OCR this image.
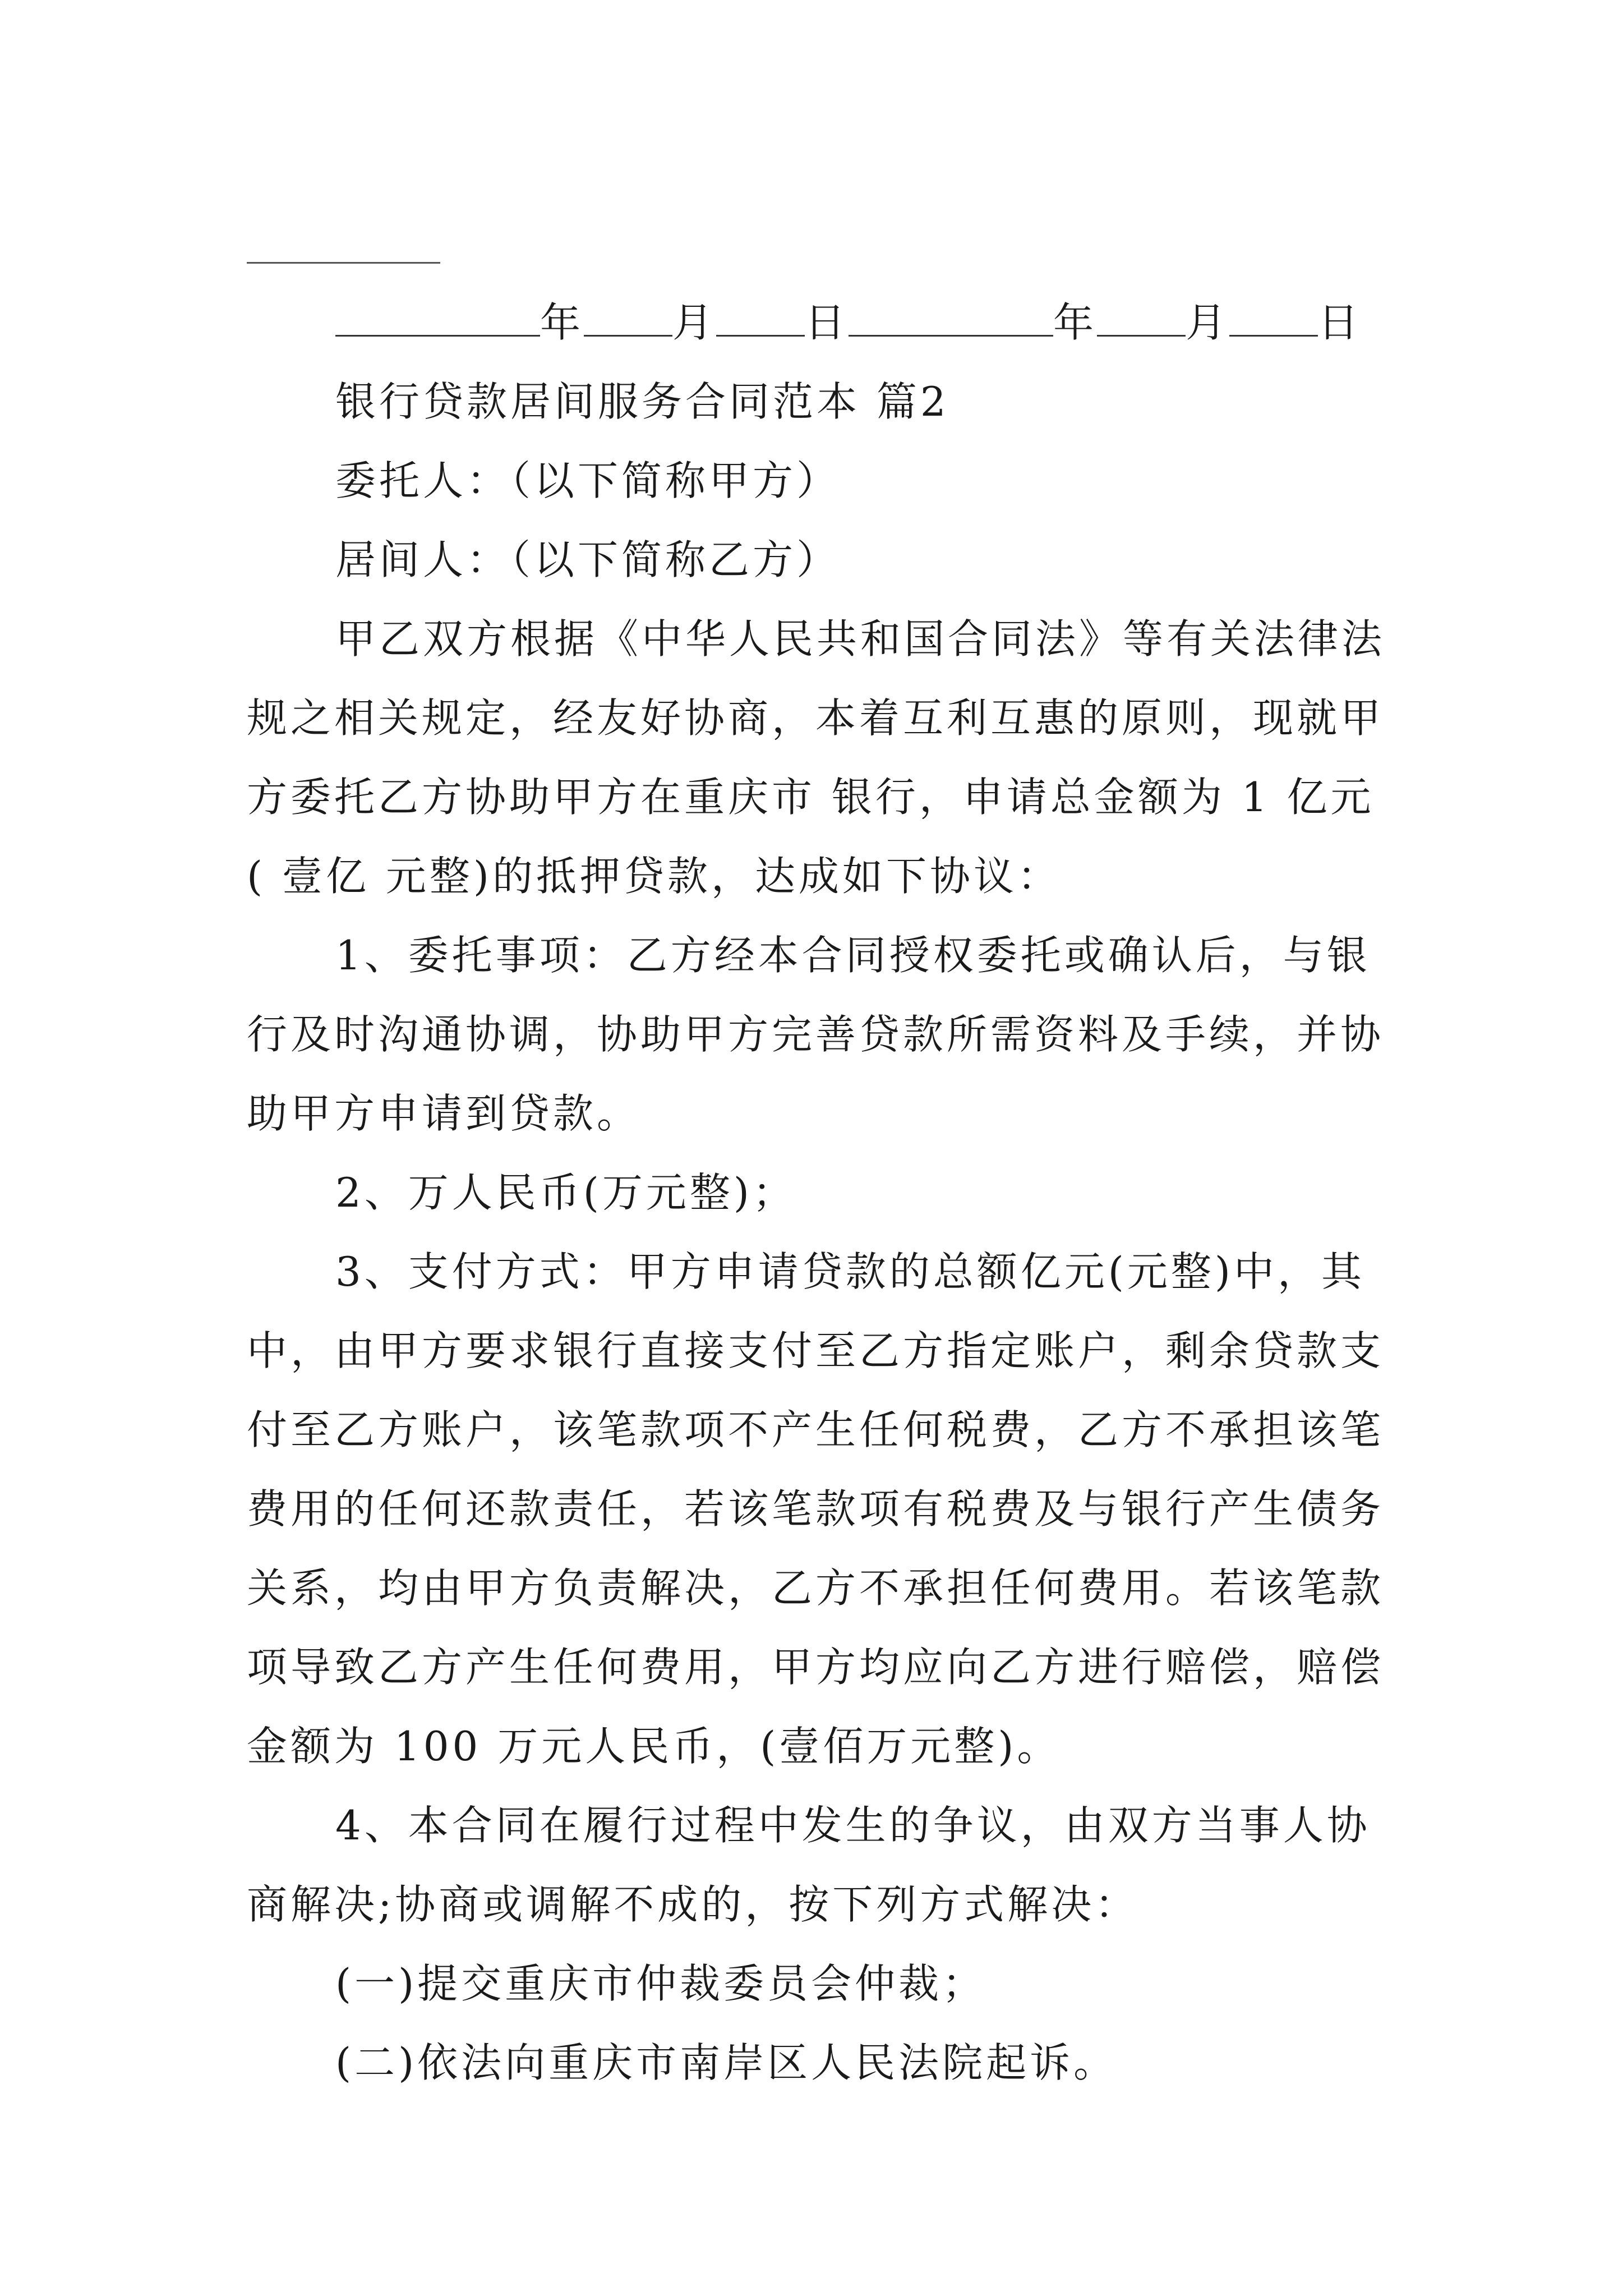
年 月 日	年 月 日
银行贷款居间服务合同范本 篇2
委托人：（以下简称甲方）
居间人：（以下简称乙方）
甲乙双方根据《中华人民共和国合同法》等有关法律法
规之相关规定，经友好协商，本着互利互惠的原则，现就甲
方委托乙方协助甲方在重庆市 银行，申请总金额为 1 亿元
( 壹亿 元整)的抵押贷款，达成如下协议：
1、委托事项：乙方经本合同授权委托或确认后，与银
行及时沟通协调，协助甲方完善贷款所需资料及手续，并协
助甲方申请到贷款。
2、万人民币(万元整)；
3、支付方式：甲方申请贷款的总额亿元(元整)中，其
中，由甲方要求银行直接支付至乙方指定账户，剩余贷款支
付至乙方账户，该笔款项不产生任何税费，乙方不承担该笔
费用的任何还款责任，若该笔款项有税费及与银行产生债务
关系，均由甲方负责解决，乙方不承担任何费用。若该笔款
项导致乙方产生任何费用，甲方均应向乙方进行赔偿，赔偿
金额为 100 万元人民币，(壹佰万元整)。
4、本合同在履行过程中发生的争议，由双方当事人协
商解决;协商或调解不成的，按下列方式解决：
(一)提交重庆市仲裁委员会仲裁；
(二)依法向重庆市南岸区人民法院起诉。
